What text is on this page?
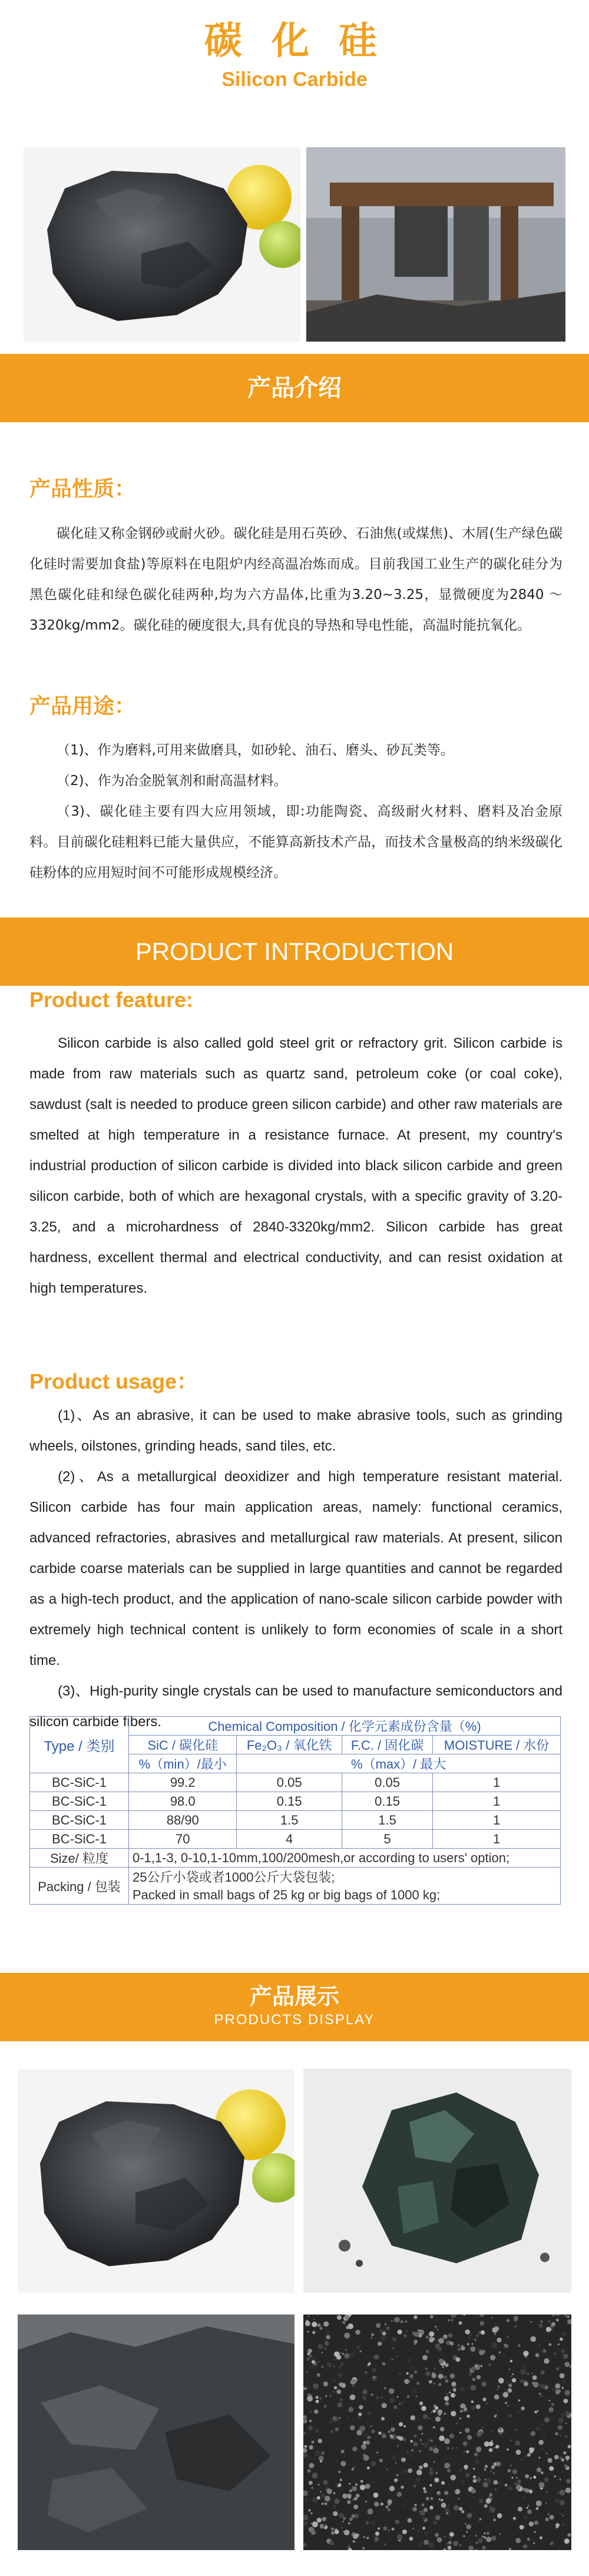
碳 化 硅
Silicon Carbide
产品介绍
产品性质：

碳化硅又称金钢砂或耐火砂。碳化硅是用石英砂、石油焦(或煤焦)、木屑(生产绿色碳化硅时需要加食盐)等原料在电阻炉内经高温冶炼而成。目前我国工业生产的碳化硅分为黑色碳化硅和绿色碳化硅两种,均为六方晶体,比重为3.20~3.25，显微硬度为2840 ～ 3320kg/mm2。碳化硅的硬度很大,具有优良的导热和导电性能，高温时能抗氧化。

产品用途：
（1)、作为磨料,可用来做磨具，如砂轮、油石、磨头、砂瓦类等。
（2)、作为冶金脱氧剂和耐高温材料。
（3)、碳化硅主要有四大应用领域，即:功能陶瓷、高级耐火材料、磨料及冶金原料。目前碳化硅粗料已能大量供应，不能算高新技术产品，而技术含量极高的纳米级碳化硅粉体的应用短时间不可能形成规模经济。
PRODUCT INTRODUCTION
Product feature:

Silicon carbide is also called gold steel grit or refractory grit. Silicon carbide is made from raw materials such as quartz sand, petroleum coke (or coal coke), sawdust (salt is needed to produce green silicon carbide) and other raw materials are smelted at high temperature in a resistance furnace. At present, my country's industrial production of silicon carbide is divided into black silicon carbide and green silicon carbide, both of which are hexagonal crystals, with a specific gravity of 3.20-3.25, and a microhardness of 2840-3320kg/mm2. Silicon carbide has great hardness, excellent thermal and electrical conductivity, and can resist oxidation at high temperatures.

Product usage：
(1)、As an abrasive, it can be used to make abrasive tools, such as grinding wheels, oilstones, grinding heads, sand tiles, etc.
(2)、As a metallurgical deoxidizer and high temperature resistant material. Silicon carbide has four main application areas, namely: functional ceramics, advanced refractories, abrasives and metallurgical raw materials. At present, silicon carbide coarse materials can be supplied in large quantities and cannot be regarded as a high-tech product, and the application of nano-scale silicon carbide powder with extremely high technical content is unlikely to form economies of scale in a short time.
(3)、High-purity single crystals can be used to manufacture semiconductors and silicon carbide fibers.
Type / 类别	Chemical Composition / 化学元素成份含量（%)			
	SiC / 碳化硅	Fe₂O₃ / 氧化铁	F.C. / 固化碳	MOISTURE / 水份
	%（min）/最小	%（max）/ 最大		
BC-SiC-1	99.2	0.05	0.05	1
BC-SiC-1	98.0	0.15	0.15	1
BC-SiC-1	88/90	1.5	1.5	1
BC-SiC-1	70	4	5	1
Size/ 粒度	0-1,1-3, 0-10,1-10mm,100/200mesh,or according to users' option;			
Packing / 包装	25公斤小袋或者1000公斤大袋包装;			
	Packed in small bags of 25 kg or big bags of 1000 kg;			
产品展示
PRODUCTS DISPLAY
